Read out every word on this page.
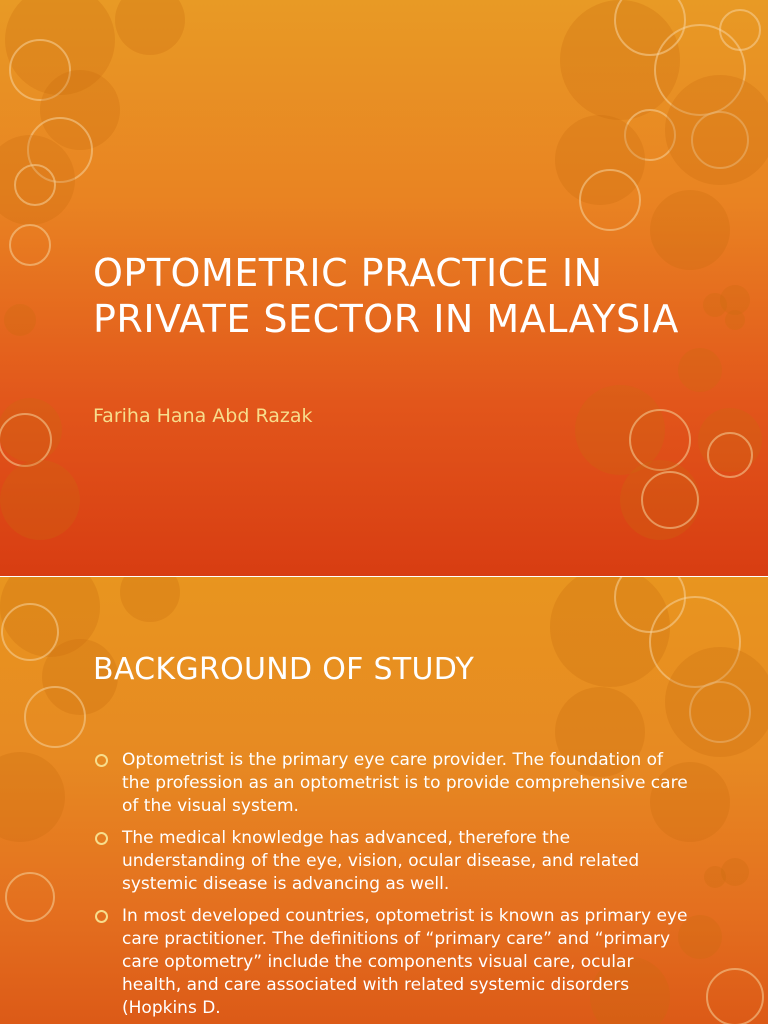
OPTOMETRIC PRACTICE IN PRIVATE SECTOR IN MALAYSIA

Fariha Hana Abd Razak

BACKGROUND OF STUDY
Optometrist is the primary eye care provider. The foundation of the profession as an optometrist is to provide comprehensive care of the visual system.
The medical knowledge has advanced, therefore the understanding of the eye, vision, ocular disease, and related systemic disease is advancing as well.
In most developed countries, optometrist is known as primary eye care practitioner. The definitions of “primary care” and “primary care optometry” include the components visual care, ocular health, and care associated with related systemic disorders (Hopkins D.
